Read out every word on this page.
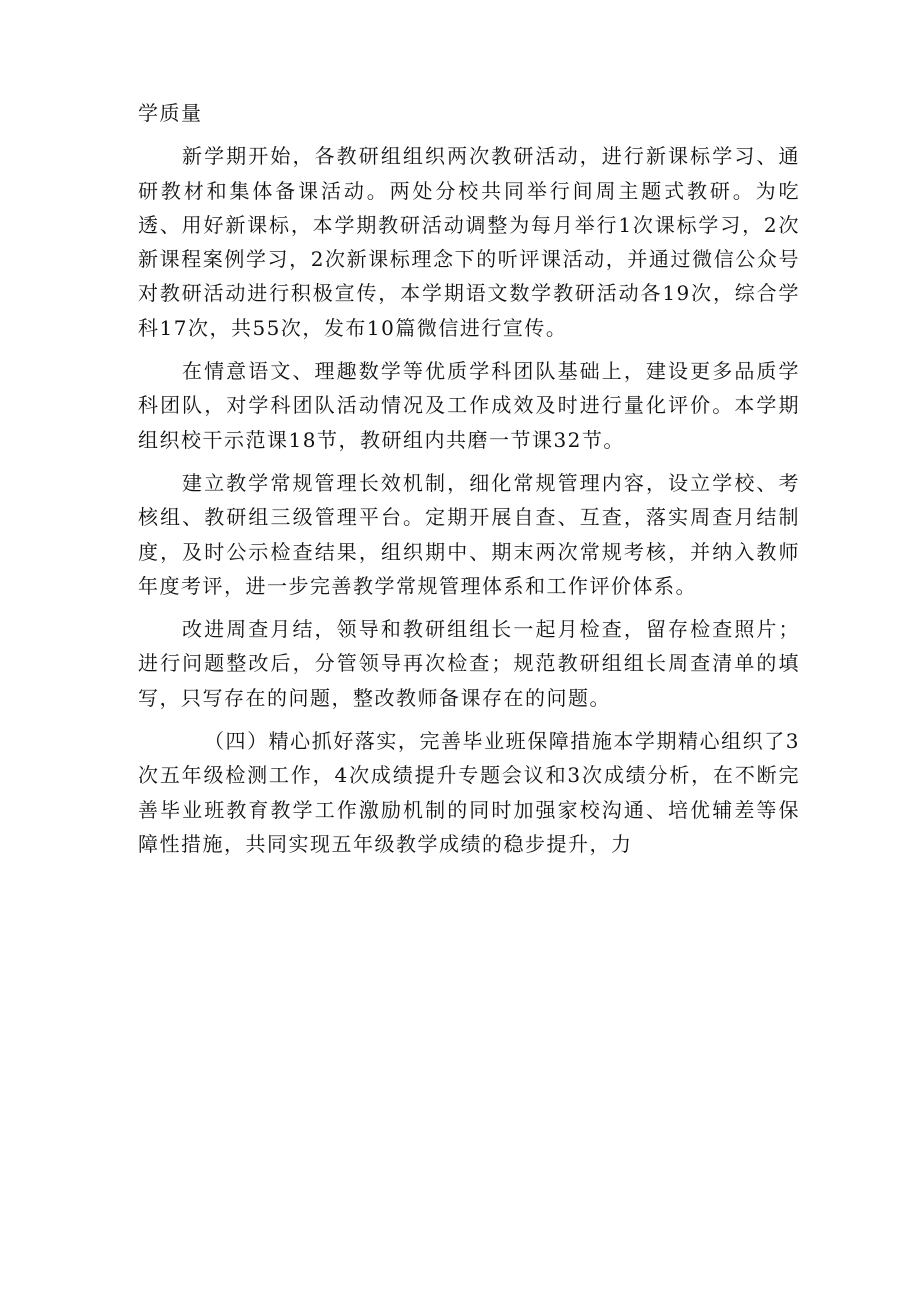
学质量

新学期开始，各教研组组织两次教研活动，进行新课标学习、通研教材和集体备课活动。两处分校共同举行间周主题式教研。为吃透、用好新课标，本学期教研活动调整为每月举行1次课标学习，2次新课程案例学习，2次新课标理念下的听评课活动，并通过微信公众号对教研活动进行积极宣传，本学期语文数学教研活动各19次，综合学科17次，共55次，发布10篇微信进行宣传。

在情意语文、理趣数学等优质学科团队基础上，建设更多品质学科团队，对学科团队活动情况及工作成效及时进行量化评价。本学期组织校干示范课18节，教研组内共磨一节课32节。

建立教学常规管理长效机制，细化常规管理内容，设立学校、考核组、教研组三级管理平台。定期开展自查、互查，落实周查月结制度，及时公示检查结果，组织期中、期末两次常规考核，并纳入教师年度考评，进一步完善教学常规管理体系和工作评价体系。

改进周查月结，领导和教研组组长一起月检查，留存检查照片；进行问题整改后，分管领导再次检查；规范教研组组长周查清单的填写，只写存在的问题，整改教师备课存在的问题。

（四）精心抓好落实，完善毕业班保障措施本学期精心组织了3次五年级检测工作，4次成绩提升专题会议和3次成绩分析，在不断完善毕业班教育教学工作激励机制的同时加强家校沟通、培优辅差等保障性措施，共同实现五年级教学成绩的稳步提升，力
